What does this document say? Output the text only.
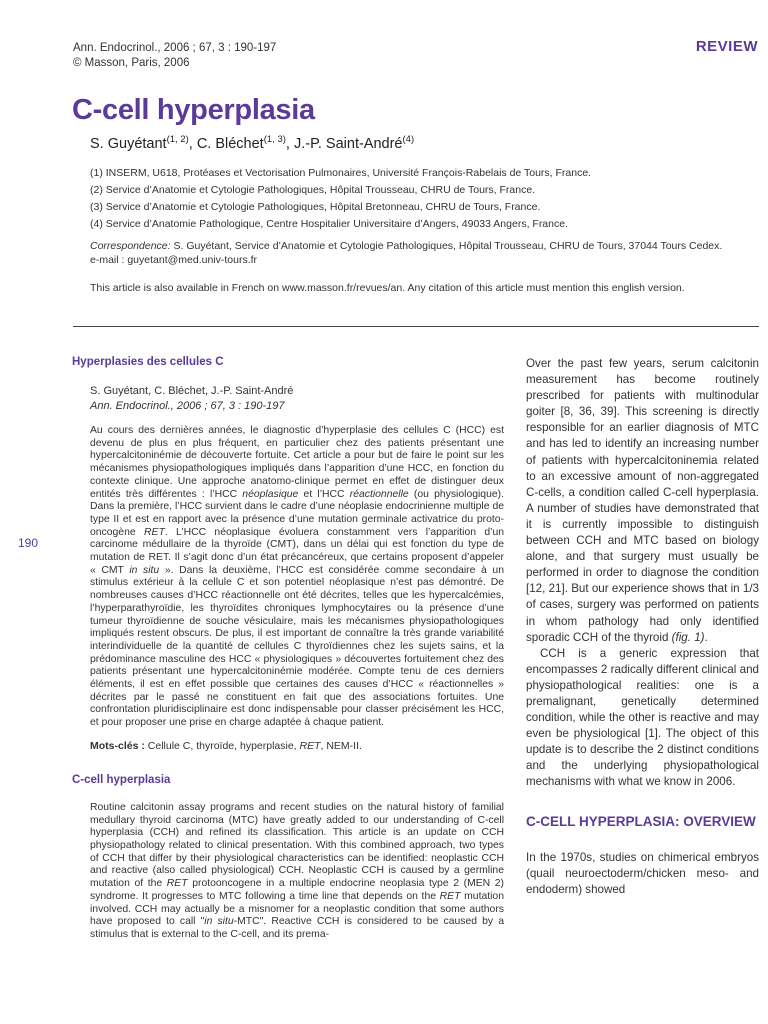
Ann. Endocrinol., 2006 ; 67, 3 : 190-197
© Masson, Paris, 2006
REVIEW
C-cell hyperplasia
S. Guyétant$^{(1, 2)}$, C. Bléchet$^{(1, 3)}$, J.-P. Saint-André$^{(4)}$
(1) INSERM, U618, Protéases et Vectorisation Pulmonaires, Université François-Rabelais de Tours, France.
(2) Service d’Anatomie et Cytologie Pathologiques, Hôpital Trousseau, CHRU de Tours, France.
(3) Service d’Anatomie et Cytologie Pathologiques, Hôpital Bretonneau, CHRU de Tours, France.
(4) Service d’Anatomie Pathologique, Centre Hospitalier Universitaire d’Angers, 49033 Angers, France.
Correspondence: S. Guyétant, Service d’Anatomie et Cytologie Pathologiques, Hôpital Trousseau, CHRU de Tours, 37044 Tours Cedex.
e-mail : guyetant@med.univ-tours.fr
This article is also available in French on www.masson.fr/revues/an. Any citation of this article must mention this english version.
190

Hyperplasies des cellules C

S. Guyétant, C. Bléchet, J.-P. Saint-André

Ann. Endocrinol., 2006 ; 67, 3 : 190-197

Au cours des dernières années, le diagnostic d’hyperplasie des cellules C (HCC) est devenu de plus en plus fréquent, en particulier chez des patients présentant une hypercalcitoninémie de découverte fortuite. Cet article a pour but de faire le point sur les mécanismes physiopathologiques impliqués dans l’apparition d’une HCC, en fonction du contexte clinique. Une approche anatomo-clinique permet en effet de distinguer deux entités très différentes : l’HCC néoplasique et l’HCC réactionnelle (ou physiologique). Dans la première, l’HCC survient dans le cadre d’une néoplasie endocrinienne multiple de type II et est en rapport avec la présence d’une mutation germinale activatrice du proto-oncogène RET. L’HCC néoplasique évoluera constamment vers l’apparition d’un carcinome médullaire de la thyroïde (CMT), dans un délai qui est fonction du type de mutation de RET. Il s’agit donc d’un état précancéreux, que certains proposent d’appeler « CMT in situ ». Dans la deuxième, l’HCC est considérée comme secondaire à un stimulus extérieur à la cellule C et son potentiel néoplasique n’est pas démontré. De nombreuses causes d’HCC réactionnelle ont été décrites, telles que les hypercalcémies, l’hyperparathyroïdie, les thyroïdites chroniques lymphocytaires ou la présence d’une tumeur thyroïdienne de souche vésiculaire, mais les mécanismes physiopathologiques impliqués restent obscurs. De plus, il est important de connaître la très grande variabilité interindividuelle de la quantité de cellules C thyroïdiennes chez les sujets sains, et la prédominance masculine des HCC « physiologiques » découvertes fortuitement chez des patients présentant une hypercalcitoninémie modérée. Compte tenu de ces derniers éléments, il est en effet possible que certaines des causes d’HCC « réactionnelles » décrites par le passé ne constituent en fait que des associations fortuites. Une confrontation pluridisciplinaire est donc indispensable pour classer précisément les HCC, et pour proposer une prise en charge adaptée à chaque patient.

Mots-clés : Cellule C, thyroïde, hyperplasie, RET, NEM-II.

C-cell hyperplasia

Routine calcitonin assay programs and recent studies on the natural history of familial medullary thyroid carcinoma (MTC) have greatly added to our understanding of C-cell hyperplasia (CCH) and refined its classification. This article is an update on CCH physiopathology related to clinical presentation. With this combined approach, two types of CCH that differ by their physiological characteristics can be identified: neoplastic CCH and reactive (also called physiological) CCH. Neoplastic CCH is caused by a germline mutation of the RET protooncogene in a multiple endocrine neoplasia type 2 (MEN 2) syndrome. It progresses to MTC following a time line that depends on the RET mutation involved. CCH may actually be a misnomer for a neoplastic condition that some authors have proposed to call "in situ-MTC". Reactive CCH is considered to be caused by a stimulus that is external to the C-cell, and its prema-

Over the past few years, serum calcitonin measurement has become routinely prescribed for patients with multinodular goiter [8, 36, 39]. This screening is directly responsible for an earlier diagnosis of MTC and has led to identify an increasing number of patients with hypercalcitoninemia related to an excessive amount of non-aggregated C-cells, a condition called C-cell hyperplasia. A number of studies have demonstrated that it is currently impossible to distinguish between CCH and MTC based on biology alone, and that surgery must usually be performed in order to diagnose the condition [12, 21]. But our experience shows that in 1/3 of cases, surgery was performed on patients in whom pathology had only identified sporadic CCH of the thyroid (fig. 1).

CCH is a generic expression that encompasses 2 radically different clinical and physiopathological realities: one is a premalignant, genetically determined condition, while the other is reactive and may even be physiological [1]. The object of this update is to describe the 2 distinct conditions and the underlying physiopathological mechanisms with what we know in 2006.

C-CELL HYPERPLASIA: OVERVIEW

In the 1970s, studies on chimerical embryos (quail neuroectoderm/chicken meso- and endoderm) showed
